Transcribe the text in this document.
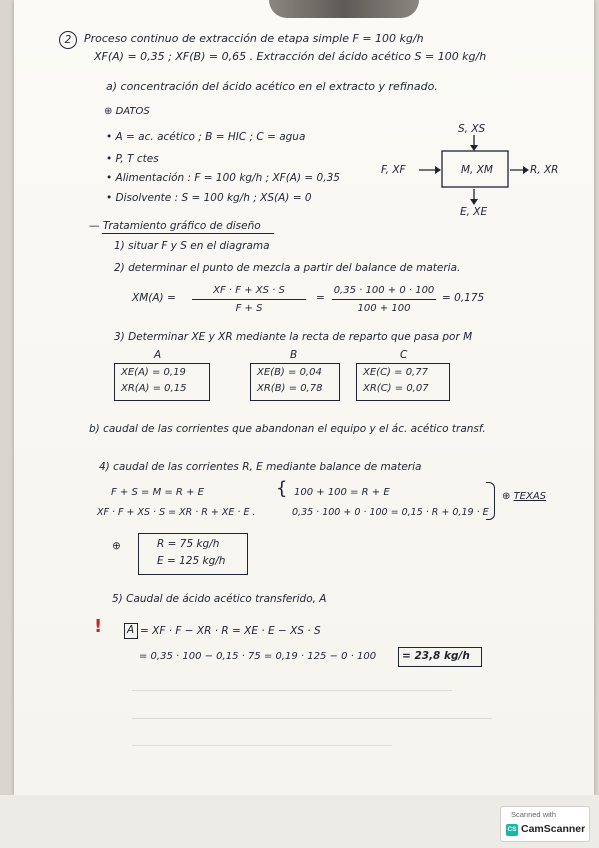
2	Proceso continuo de extracción de etapa simple F = 100 kg/h
XF(A) = 0,35 ; XF(B) = 0,65 . Extracción del ácido acético S = 100 kg/h
a) concentración del ácido acético en el extracto y refinado.
⊕ DATOS
• A = ac. acético ; B = HIC ; C = agua
• P, T ctes
• Alimentación : F = 100 kg/h ; XF(A) = 0,35
• Disolvente : S = 100 kg/h ; XS(A) = 0
S, XS
M, XM
F, XF	R, XR
E, XE
— Tratamiento gráfico de diseño
1) situar F y S en el diagrama
2) determinar el punto de mezcla a partir del balance de materia.
XM(A) =
XF · F + XS · S
F + S
=
0,35 · 100 + 0 · 100
100 + 100
= 0,175
3) Determinar XE y XR mediante la recta de reparto que pasa por M
A
XE(A) = 0,19
XR(A) = 0,15
B
XE(B) = 0,04
XR(B) = 0,78
C
XE(C) = 0,77
XR(C) = 0,07
b) caudal de las corrientes que abandonan el equipo y el ác. acético transf.
4) caudal de las corrientes R, E mediante balance de materia
F + S = M = R + E
XF · F + XS · S = XR · R + XE · E .
{ 100 + 100 = R + E
0,35 · 100 + 0 · 100 = 0,15 · R + 0,19 · E
⊕ TEXAS
⊕	R = 75 kg/h
E = 125 kg/h
5) Caudal de ácido acético transferido, A
! A = XF · F − XR · R = XE · E − XS · S
= 0,35 · 100 − 0,15 · 75 = 0,19 · 125 − 0 · 100 = 23,8 kg/h
Scanned with
CS CamScanner
